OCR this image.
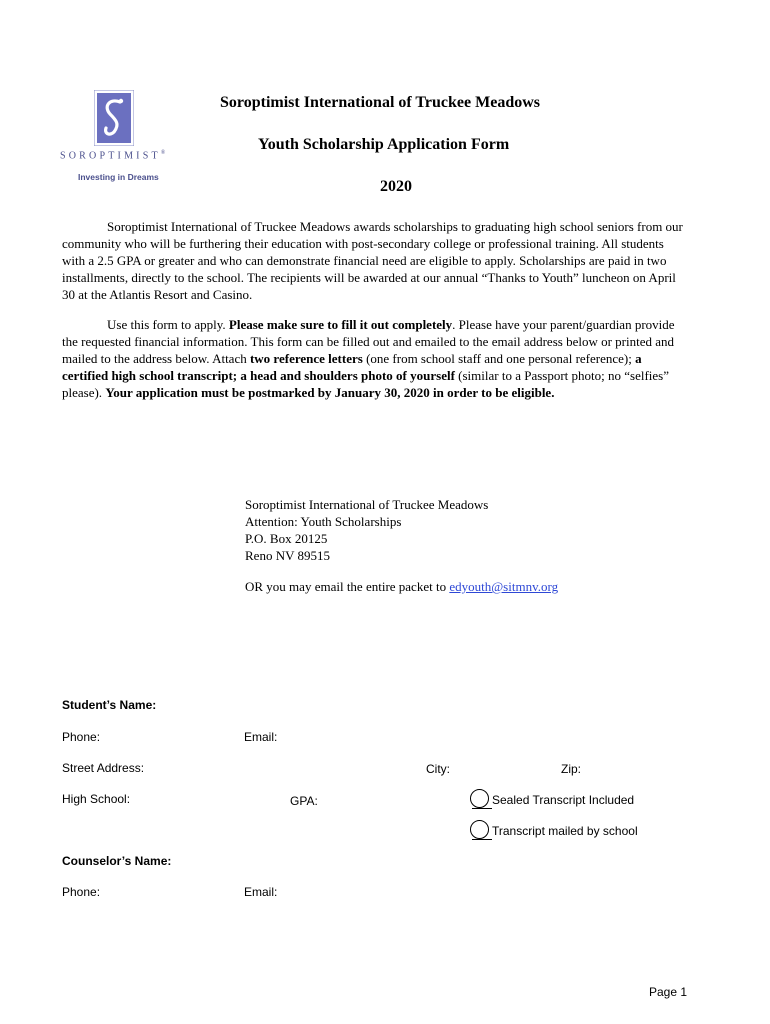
SOROPTIMIST®
Investing in Dreams
Soroptimist International of Truckee Meadows
Youth Scholarship Application Form
2020

Soroptimist International of Truckee Meadows awards scholarships to graduating high school seniors from our community who will be furthering their education with post-secondary college or professional training. All students with a 2.5 GPA or greater and who can demonstrate financial need are eligible to apply. Scholarships are paid in two installments, directly to the school. The recipients will be awarded at our annual “Thanks to Youth” luncheon on April 30 at the Atlantis Resort and Casino.

Use this form to apply. Please make sure to fill it out completely. Please have your parent/guardian provide the requested financial information. This form can be filled out and emailed to the email address below or printed and mailed to the address below. Attach two reference letters (one from school staff and one personal reference); a certified high school transcript; a head and shoulders photo of yourself (similar to a Passport photo; no “selfies” please). Your application must be postmarked by January 30, 2020 in order to be eligible.

Soroptimist International of Truckee Meadows
Attention: Youth Scholarships
P.O. Box 20125
Reno NV 89515
OR you may email the entire packet to edyouth@sitmnv.org
Student’s Name:
Phone:	Email:
Street Address:	City:	Zip:
High School:	GPA:	Sealed Transcript Included
Transcript mailed by school
Counselor’s Name:
Phone:	Email:
Page 1
